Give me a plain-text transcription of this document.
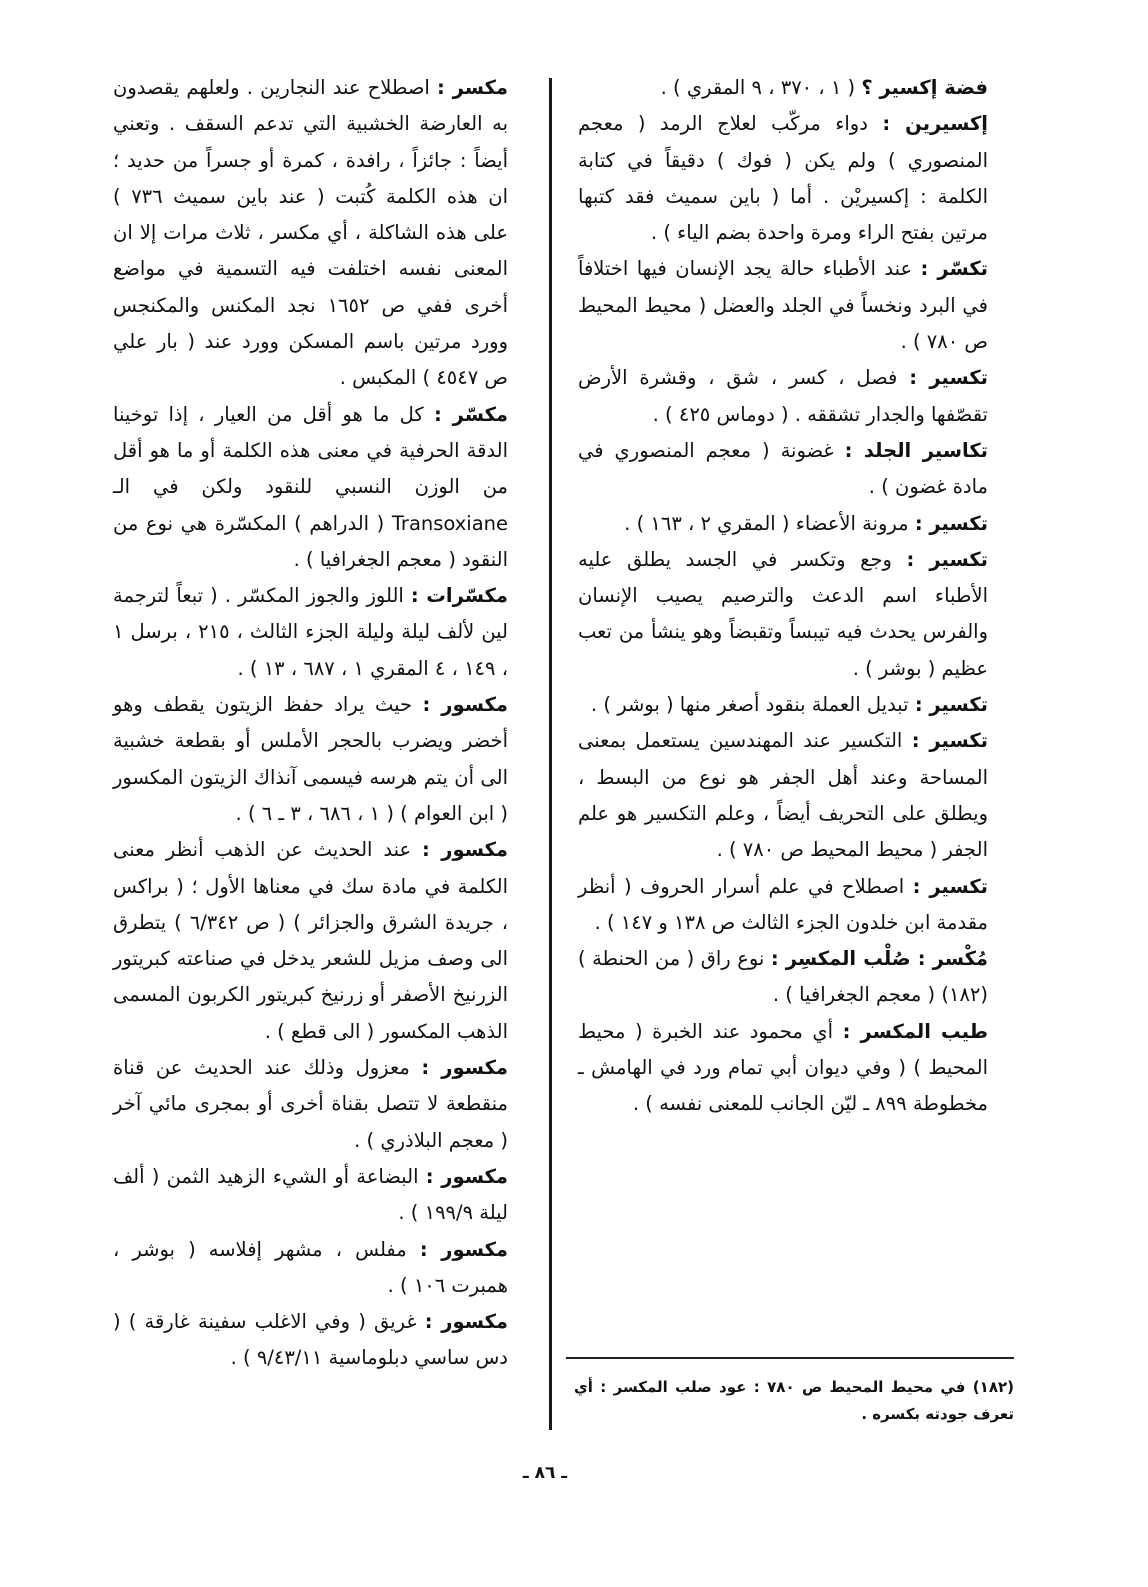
فضة إكسير ؟ ( ١ ، ٣٧٠ ، ٩ المقري ) .

إكسيرين : دواء مركّب لعلاج الرمد ( معجم المنصوري ) ولم يكن ( فوك ) دقيقاً في كتابة الكلمة : إكسيريْن . أما ( باين سميث فقد كتبها مرتين بفتح الراء ومرة واحدة بضم الياء ) .

تكسّر : عند الأطباء حالة يجد الإنسان فيها اختلافاً في البرد ونخساً في الجلد والعضل ( محيط المحيط ص ٧٨٠ ) .

تكسير : فصل ، كسر ، شق ، وقشرة الأرض تقصّفها والجدار تشققه . ( دوماس ٤٢٥ ) .

تكاسير الجلد : غضونة ( معجم المنصوري في مادة غضون ) .

تكسير : مرونة الأعضاء ( المقري ٢ ، ١٦٣ ) .

تكسير : وجع وتكسر في الجسد يطلق عليه الأطباء اسم الدعث والترصيم يصيب الإنسان والفرس يحدث فيه تيبساً وتقبضاً وهو ينشأ من تعب عظيم ( بوشر ) .

تكسير : تبديل العملة بنقود أصغر منها ( بوشر ) .

تكسير : التكسير عند المهندسين يستعمل بمعنى المساحة وعند أهل الجفر هو نوع من البسط ، ويطلق على التحريف أيضاً ، وعلم التكسير هو علم الجفر ( محيط المحيط ص ٧٨٠ ) .

تكسير : اصطلاح في علم أسرار الحروف ( أنظر مقدمة ابن خلدون الجزء الثالث ص ١٣٨ و ١٤٧ ) .

مُكْسر : صُلْب المكسِر : نوع راق ( من الحنطة )(١٨٢) ( معجم الجغرافيا ) .

طيب المكسر : أي محمود عند الخبرة ( محيط المحيط ) ( وفي ديوان أبي تمام ورد في الهامش ـ مخطوطة ٨٩٩ ـ ليّن الجانب للمعنى نفسه ) .

مكسر : اصطلاح عند النجارين . ولعلهم يقصدون به العارضة الخشبية التي تدعم السقف . وتعني أيضاً : جائزاً ، رافدة ، كمرة أو جسراً من حديد ؛ ان هذه الكلمة كُتبت ( عند باين سميث ٧٣٦ ) على هذه الشاكلة ، أي مكسر ، ثلاث مرات إلا ان المعنى نفسه اختلفت فيه التسمية في مواضع أخرى ففي ص ١٦٥٢ نجد المكنس والمكنجس وورد مرتين باسم المسكن وورد عند ( بار علي ص ٤٥٤٧ ) المكبس .

مكسّر : كل ما هو أقل من العيار ، إذا توخينا الدقة الحرفية في معنى هذه الكلمة أو ما هو أقل من الوزن النسبي للنقود ولكن في الـ Transoxiane ( الدراهم ) المكسّرة هي نوع من النقود ( معجم الجغرافيا ) .

مكسّرات : اللوز والجوز المكسّر . ( تبعاً لترجمة لين لألف ليلة وليلة الجزء الثالث ، ٢١٥ ، برسل ١ ، ١٤٩ ، ٤ المقري ١ ، ٦٨٧ ، ١٣ ) .

مكسور : حيث يراد حفظ الزيتون يقطف وهو أخضر ويضرب بالحجر الأملس أو بقطعة خشبية الى أن يتم هرسه فيسمى آنذاك الزيتون المكسور ( ابن العوام ) ( ١ ، ٦٨٦ ، ٣ ـ ٦ ) .

مكسور : عند الحديث عن الذهب أنظر معنى الكلمة في مادة سك في معناها الأول ؛ ( براكس ، جريدة الشرق والجزائر ) ( ص ٦/٣٤٢ ) يتطرق الى وصف مزيل للشعر يدخل في صناعته كبريتور الزرنيخ الأصفر أو زرنيخ كبريتور الكربون المسمى الذهب المكسور ( الى قطع ) .

مكسور : معزول وذلك عند الحديث عن قناة منقطعة لا تتصل بقناة أخرى أو بمجرى مائي آخر ( معجم البلاذري ) .

مكسور : البضاعة أو الشيء الزهيد الثمن ( ألف ليلة ١٩٩/٩ ) .

مكسور : مفلس ، مشهر إفلاسه ( بوشر ، همبرت ١٠٦ ) .

مكسور : غريق ( وفي الاغلب سفينة غارقة ) ( دس ساسي دبلوماسية ٩/٤٣/١١ ) .

(١٨٢) في محيط المحيط ص ٧٨٠ : عود صلب المكسر : أي تعرف جودته بكسره .
ـ ٨٦ ـ
